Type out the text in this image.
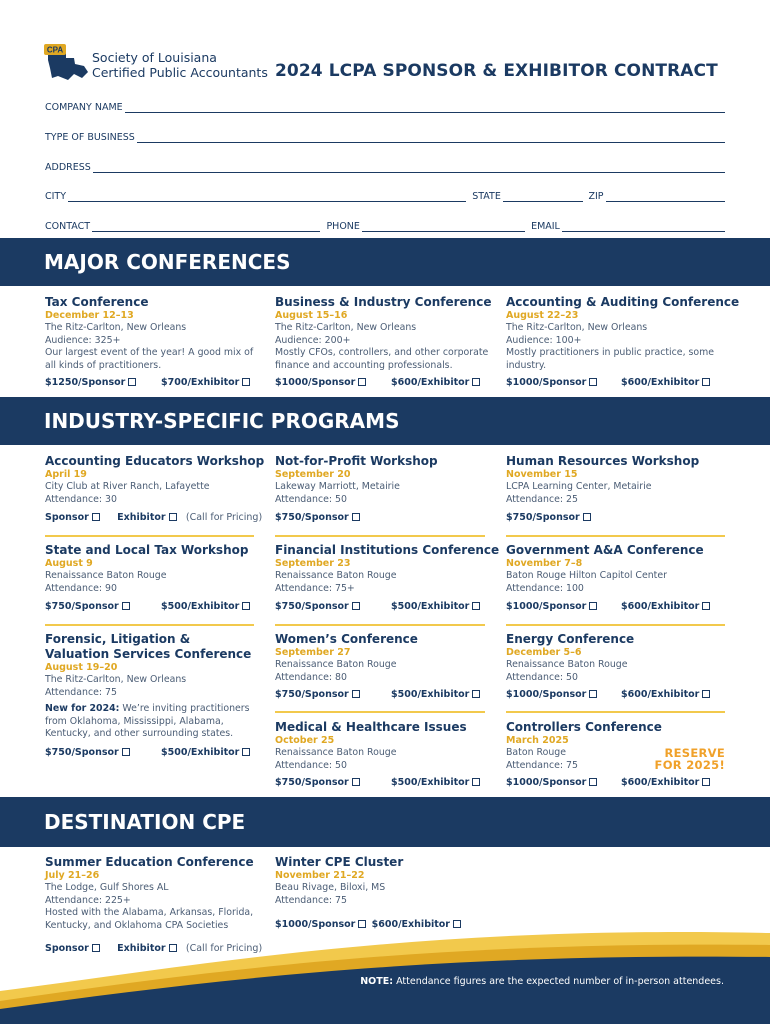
CPA Society of Louisiana
Certified Public Accountants 2024 LCPA SPONSOR & EXHIBITOR CONTRACT
COMPANY NAME
TYPE OF BUSINESS
ADDRESS
CITY	STATE	ZIP
CONTACT	PHONE	EMAIL
MAJOR CONFERENCES
Tax Conference
December 12–13
The Ritz-Carlton, New Orleans
Audience: 325+
Our largest event of the year! A good mix of all kinds of practitioners.
$1250/Sponsor	$700/Exhibitor
Business & Industry Conference
August 15–16
The Ritz-Carlton, New Orleans
Audience: 200+
Mostly CFOs, controllers, and other corporate finance and accounting professionals.
$1000/Sponsor	$600/Exhibitor
Accounting & Auditing Conference
August 22–23
The Ritz-Carlton, New Orleans
Audience: 100+
Mostly practitioners in public practice, some industry.
$1000/Sponsor	$600/Exhibitor
INDUSTRY-SPECIFIC PROGRAMS
Accounting Educators Workshop
April 19
City Club at River Ranch, Lafayette
Attendance: 30
Sponsor	Exhibitor (Call for Pricing)
Not-for-Profit Workshop
September 20
Lakeway Marriott, Metairie
Attendance: 50
$750/Sponsor
Human Resources Workshop
November 15
LCPA Learning Center, Metairie
Attendance: 25
$750/Sponsor
State and Local Tax Workshop
August 9
Renaissance Baton Rouge
Attendance: 90
$750/Sponsor	$500/Exhibitor
Financial Institutions Conference
September 23
Renaissance Baton Rouge
Attendance: 75+
$750/Sponsor	$500/Exhibitor
Government A&A Conference
November 7–8
Baton Rouge Hilton Capitol Center
Attendance: 100
$1000/Sponsor	$600/Exhibitor
Forensic, Litigation & Valuation Services Conference
August 19–20
The Ritz-Carlton, New Orleans
Attendance: 75
New for 2024: We’re inviting practitioners from Oklahoma, Mississippi, Alabama, Kentucky, and other surrounding states.
$750/Sponsor	$500/Exhibitor
Women’s Conference
September 27
Renaissance Baton Rouge
Attendance: 80
$750/Sponsor	$500/Exhibitor
Energy Conference
December 5–6
Renaissance Baton Rouge
Attendance: 50
$1000/Sponsor	$600/Exhibitor
Medical & Healthcare Issues
October 25
Renaissance Baton Rouge
Attendance: 50
$750/Sponsor	$500/Exhibitor
Controllers Conference
March 2025
Baton Rouge
Attendance: 75
RESERVE
FOR 2025!
$1000/Sponsor	$600/Exhibitor
DESTINATION CPE
Summer Education Conference
July 21–26
The Lodge, Gulf Shores AL
Attendance: 225+
Hosted with the Alabama, Arkansas, Florida, Kentucky, and Oklahoma CPA Societies
Sponsor	Exhibitor (Call for Pricing)
Winter CPE Cluster
November 21–22
Beau Rivage, Biloxi, MS
Attendance: 75
$1000/Sponsor $600/Exhibitor
NOTE: Attendance figures are the expected number of in-person attendees.
